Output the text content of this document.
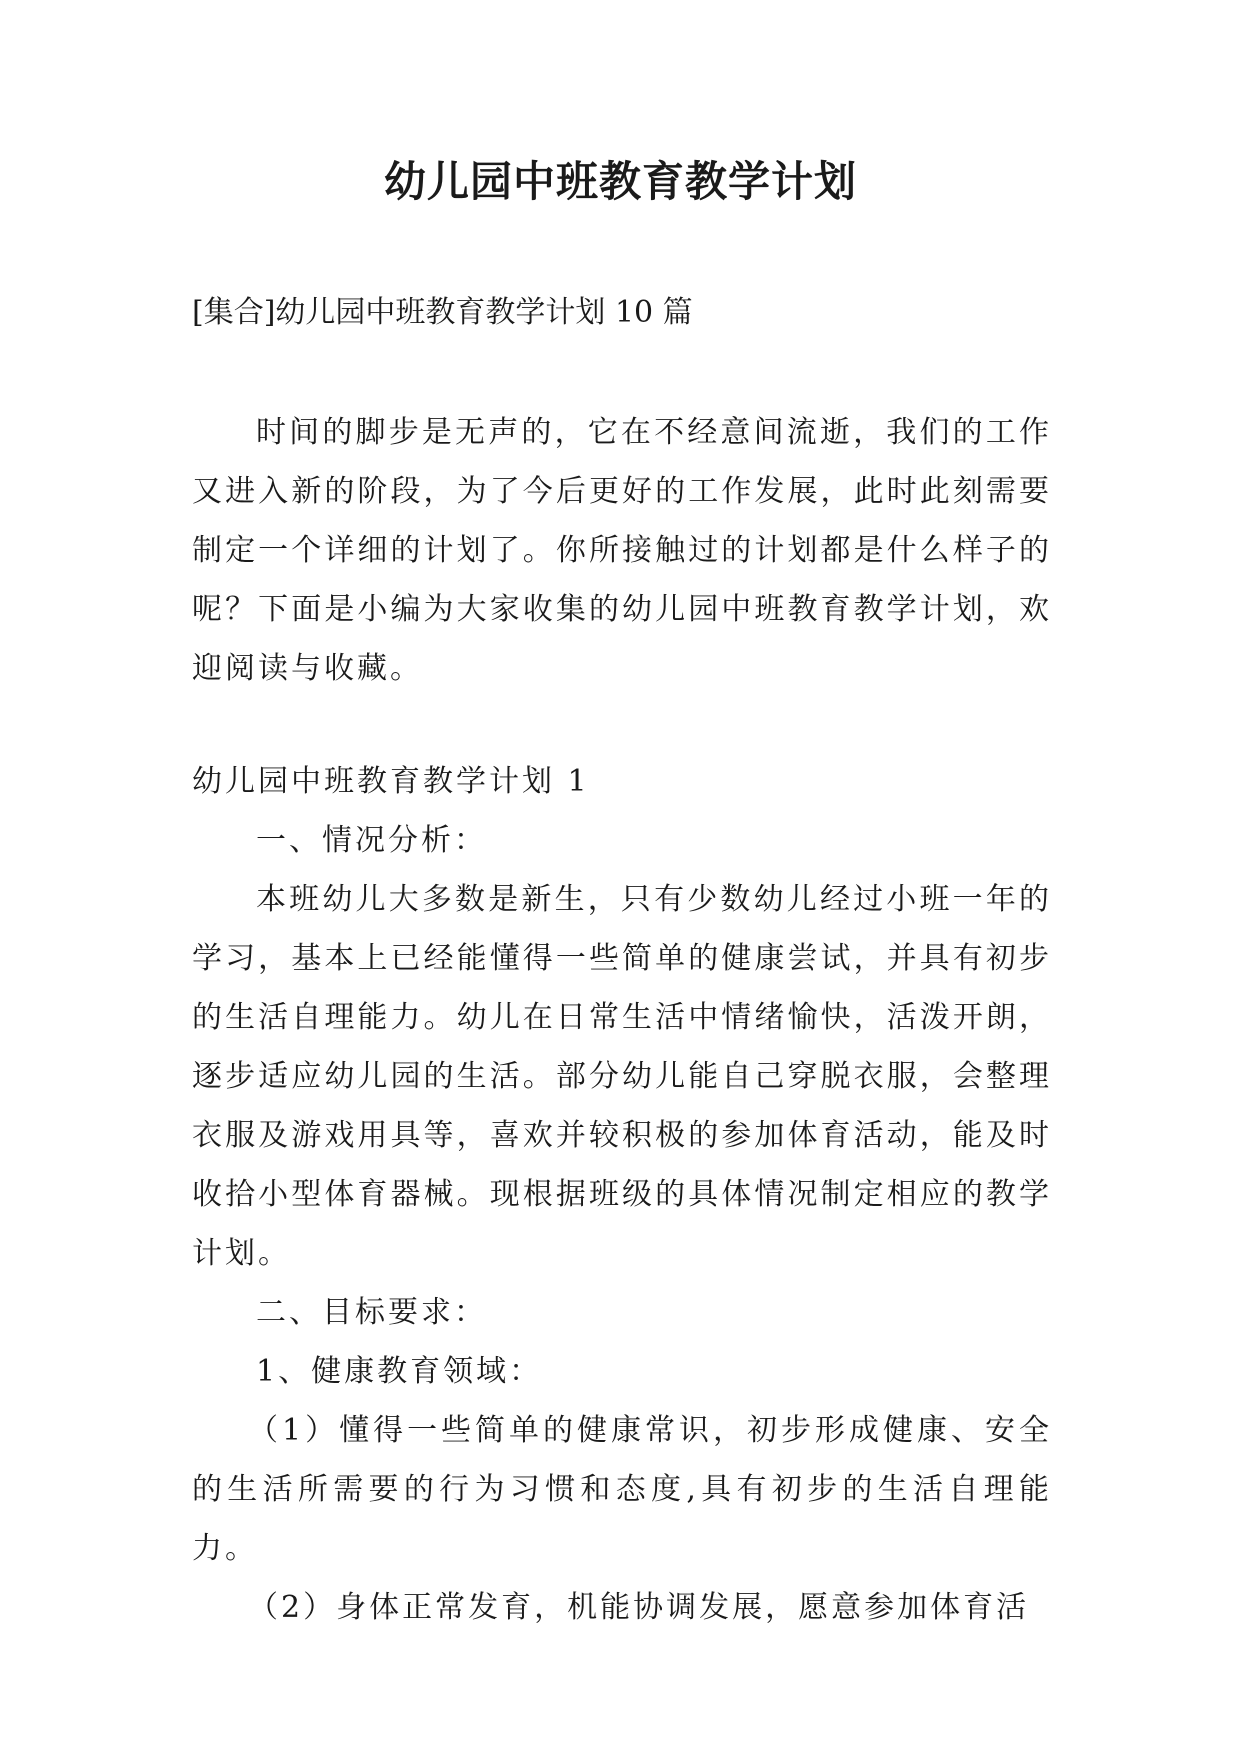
幼儿园中班教育教学计划

[集合]幼儿园中班教育教学计划 10 篇

时间的脚步是无声的，它在不经意间流逝，我们的工作又进入新的阶段，为了今后更好的工作发展，此时此刻需要制定一个详细的计划了。你所接触过的计划都是什么样子的呢？下面是小编为大家收集的幼儿园中班教育教学计划，欢迎阅读与收藏。

幼儿园中班教育教学计划 1

一、情况分析：

本班幼儿大多数是新生，只有少数幼儿经过小班一年的学习，基本上已经能懂得一些简单的健康尝试，并具有初步的生活自理能力。幼儿在日常生活中情绪愉快，活泼开朗，逐步适应幼儿园的生活。部分幼儿能自己穿脱衣服，会整理衣服及游戏用具等，喜欢并较积极的参加体育活动，能及时收拾小型体育器械。现根据班级的具体情况制定相应的教学计划。

二、目标要求：

1、健康教育领域：

（1）懂得一些简单的健康常识，初步形成健康、安全的生活所需要的行为习惯和态度,具有初步的生活自理能力。

（2）身体正常发育，机能协调发展，愿意参加体育活
